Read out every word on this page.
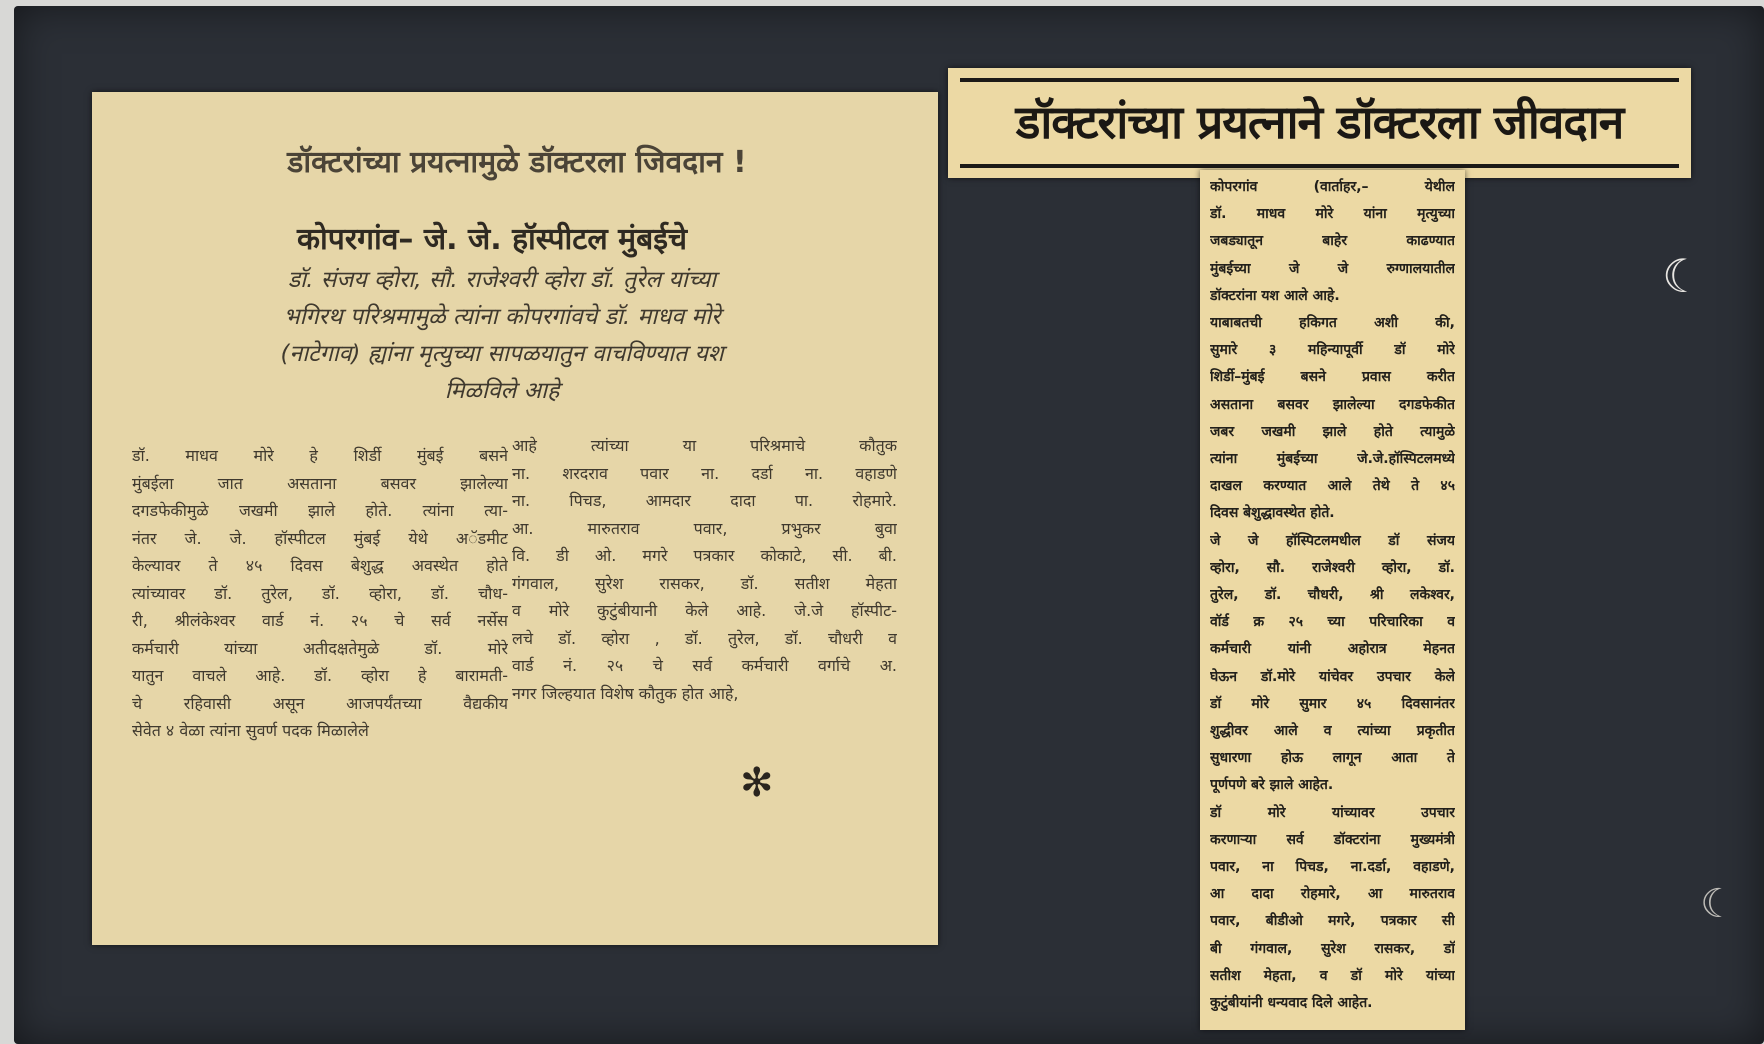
डॉक्टरांच्या प्रयत्नामुळे डॉक्टरला जिवदान !
कोपरगांव– जे. जे. हॉस्पीटल मुंबईचे
डॉ. संजय व्होरा, सौ. राजेश्वरी व्होरा डॉ. तुरेल यांच्या
भगिरथ परिश्रमामुळे त्यांना कोपरगांवचे डॉ. माधव मोरे
(नाटेगाव) ह्यांना मृत्युच्या सापळयातुन वाचविण्यात यश
मिळविले आहे
डॉ. माधव मोरे हे शिर्डी मुंबई बसने
मुंबईला जात असताना बसवर झालेल्या
दगडफेकीमुळे जखमी झाले होते. त्यांना त्या-
नंतर जे. जे. हॉस्पीटल मुंबई येथे अॅडमीट
केल्यावर ते ४५ दिवस बेशुद्ध अवस्थेत होते
त्यांच्यावर डॉ. तुरेल, डॉ. व्होरा, डॉ. चौध-
री, श्रीलंकेश्वर वार्ड नं. २५ चे सर्व नर्सेस
कर्मचारी यांच्या अतीदक्षतेमुळे डॉ. मोरे
यातुन वाचले आहे. डॉ. व्होरा हे बारामती-
चे रहिवासी असून आजपर्यंतच्या वैद्यकीय
सेवेत ४ वेळा त्यांना सुवर्ण पदक मिळालेले
आहे त्यांच्या या परिश्रमाचे कौतुक
ना. शरदराव पवार ना. दर्डा ना. वहाडणे
ना. पिचड, आमदार दादा पा. रोहमारे.
आ. मारुतराव पवार, प्रभुकर बुवा
वि. डी ओ. मगरे पत्रकार कोकाटे, सी. बी.
गंगवाल, सुरेश रासकर, डॉ. सतीश मेहता
व मोरे कुटुंबीयानी केले आहे. जे.जे हॉस्पीट-
लचे डॉ. व्होरा , डॉ. तुरेल, डॉ. चौधरी व
वार्ड नं. २५ चे सर्व कर्मचारी वर्गाचे अ.
नगर जिल्हयात विशेष कौतुक होत आहे,
✻
डॉक्टरांच्या प्रयत्नाने डॉक्टरला जीवदान
कोपरगांव (वार्ताहर,– येथील
डॉ. माधव मोरे यांना मृत्युच्या
जबड्यातून बाहेर काढण्यात
मुंबईच्या जे जे रुग्णालयातील
डॉक्टरांना यश आले आहे.
याबाबतची हकिगत अशी की,
सुमारे ३ महिन्यापूर्वी डॉ मोरे
शिर्डी–मुंबई बसने प्रवास करीत
असताना बसवर झालेल्या दगडफेकीत
जबर जखमी झाले होते त्यामुळे
त्यांना मुंबईच्या जे.जे.हॉस्पिटलमध्ये
दाखल करण्यात आले तेथे ते ४५
दिवस बेशुद्धावस्थेत होते.
जे जे हॉस्पिटलमधील डॉ संजय
व्होरा, सौ. राजेश्वरी व्होरा, डॉ.
तुरेल, डॉ. चौधरी, श्री लकेश्वर,
वॉर्ड क्र २५ च्या परिचारिका व
कर्मचारी यांनी अहोरात्र मेहनत
घेऊन डॉ.मोरे यांचेवर उपचार केले
डॉ मोरे सुमार ४५ दिवसानंतर
शुद्धीवर आले व त्यांच्या प्रकृतीत
सुधारणा होऊ लागून आता ते
पूर्णपणे बरे झाले आहेत.
डॉ मोरे यांच्यावर उपचार
करणाऱ्या सर्व डॉक्टरांना मुख्यमंत्री
पवार, ना पिचड, ना.दर्डा, वहाडणे,
आ दादा रोहमारे, आ मारुतराव
पवार, बीडीओ मगरे, पत्रकार सी
बी गंगवाल, सुरेश रासकर, डॉ
सतीश मेहता, व डॉ मोरे यांच्या
कुटुंबीयांनी धन्यवाद दिले आहेत.
☾
☾
